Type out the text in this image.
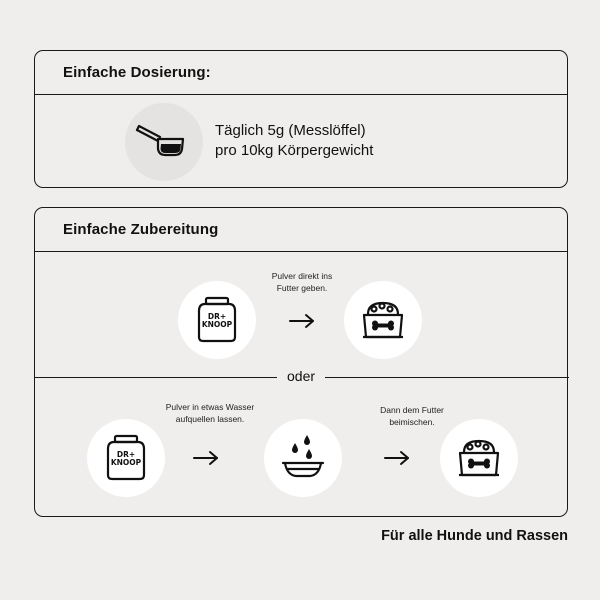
Einfache Dosierung:
Täglich 5g (Messlöffel)
pro 10kg Körpergewicht
Einfache Zubereitung
Pulver direkt ins
Futter geben.
DR+
KNOOP
oder
Pulver in etwas Wasser
aufquellen lassen.
Dann dem Futter
beimischen.
DR+
KNOOP
Für alle Hunde und Rassen
